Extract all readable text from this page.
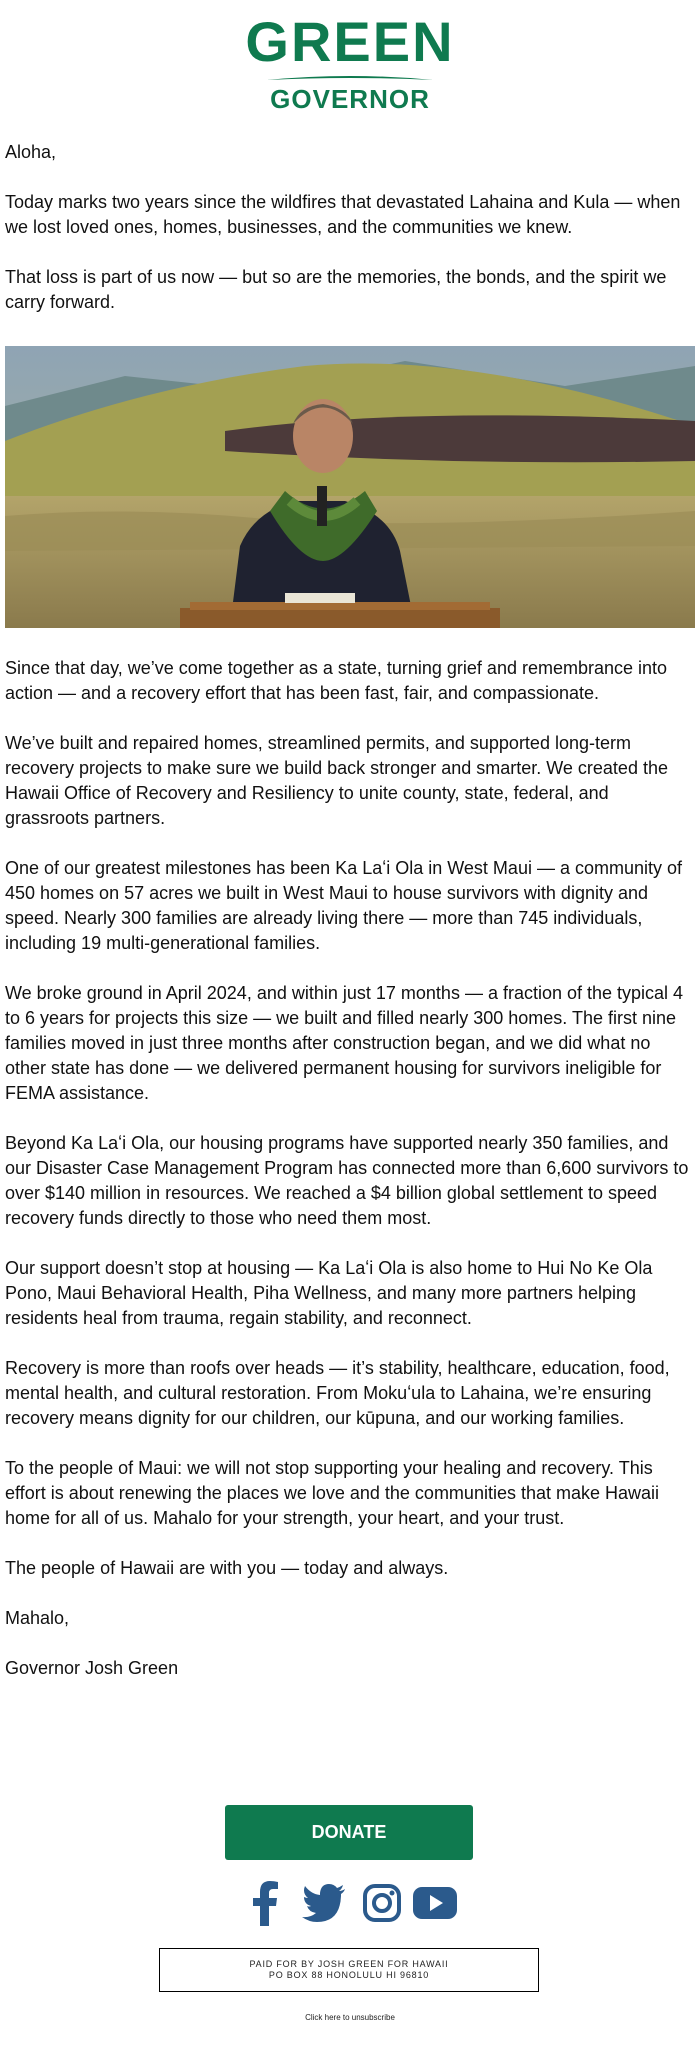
GREEN
GOVERNOR

Aloha,

Today marks two years since the wildfires that devastated Lahaina and Kula — when we lost loved ones, homes, businesses, and the communities we knew.

That loss is part of us now — but so are the memories, the bonds, and the spirit we carry forward.

Since that day, we’ve come together as a state, turning grief and remembrance into action — and a recovery effort that has been fast, fair, and compassionate.

We’ve built and repaired homes, streamlined permits, and supported long-term recovery projects to make sure we build back stronger and smarter. We created the Hawaii Office of Recovery and Resiliency to unite county, state, federal, and grassroots partners.

One of our greatest milestones has been Ka Laʻi Ola in West Maui — a community of 450 homes on 57 acres we built in West Maui to house survivors with dignity and speed. Nearly 300 families are already living there — more than 745 individuals, including 19 multi-generational families.

We broke ground in April 2024, and within just 17 months — a fraction of the typical 4 to 6 years for projects this size — we built and filled nearly 300 homes. The first nine families moved in just three months after construction began, and we did what no other state has done — we delivered permanent housing for survivors ineligible for FEMA assistance.

Beyond Ka Laʻi Ola, our housing programs have supported nearly 350 families, and our Disaster Case Management Program has connected more than 6,600 survivors to over $140 million in resources. We reached a $4 billion global settlement to speed recovery funds directly to those who need them most.

Our support doesn’t stop at housing — Ka Laʻi Ola is also home to Hui No Ke Ola Pono, Maui Behavioral Health, Piha Wellness, and many more partners helping residents heal from trauma, regain stability, and reconnect.

Recovery is more than roofs over heads — it’s stability, healthcare, education, food, mental health, and cultural restoration. From Mokuʻula to Lahaina, we’re ensuring recovery means dignity for our children, our kūpuna, and our working families.

To the people of Maui: we will not stop supporting your healing and recovery. This effort is about renewing the places we love and the communities that make Hawaii home for all of us. Mahalo for your strength, your heart, and your trust.

The people of Hawaii are with you — today and always.

Mahalo,

Governor Josh Green

DONATE
PAID FOR BY JOSH GREEN FOR HAWAII
PO BOX 88 HONOLULU HI 96810
Click here to unsubscribe
